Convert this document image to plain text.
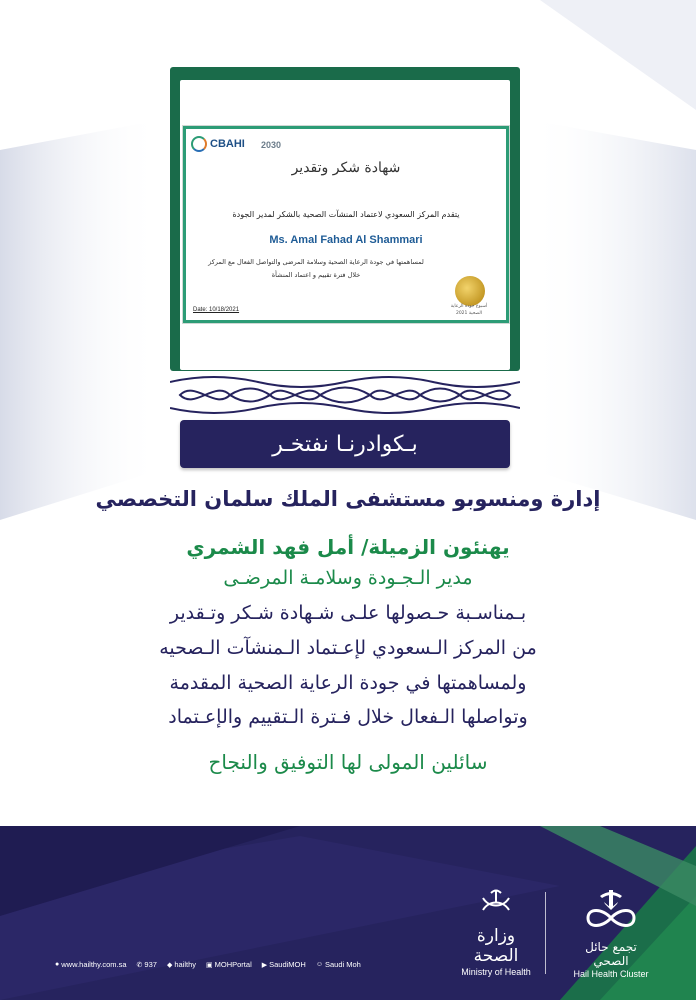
CBAHI 2030
شهادة شكر وتقدير
يتقدم المركز السعودي لاعتماد المنشآت الصحية بالشكر لمدير الجودة
Ms. Amal Fahad Al Shammari
لمساهمتها في جودة الرعاية الصحية وسلامة المرضى والتواصل الفعال مع المركز خلال فترة تقييم و اعتماد المنشأة
أسبوع جودة الرعاية الصحية 2021
Date: 10/18/2021
بـكوادرنـا نفتخـر
إدارة ومنسوبو مستشفى الملك سلمان التخصصي
يهنئون الزميلة/ أمل فهد الشمري
مدير الـجـودة وسلامـة المرضـى
بـمناسـبة حـصولها علـى شـهادة شـكر وتـقدير
من المركز الـسعودي لإعـتماد الـمنشآت الـصحيه
ولمساهمتها في جودة الرعاية الصحية المقدمة
وتواصلها الـفعال خلال فـترة الـتقييم والإعـتماد
سائلين المولى لها التوفيق والنجاح
وزارة الصحة
Ministry of Health
تجمع حائل الصحي
Hail Health Cluster
● www.hailthy.com.sa ✆ 937 ◆ hailthy ▣ MOHPortal ▶ SaudiMOH ☺ Saudi Moh
